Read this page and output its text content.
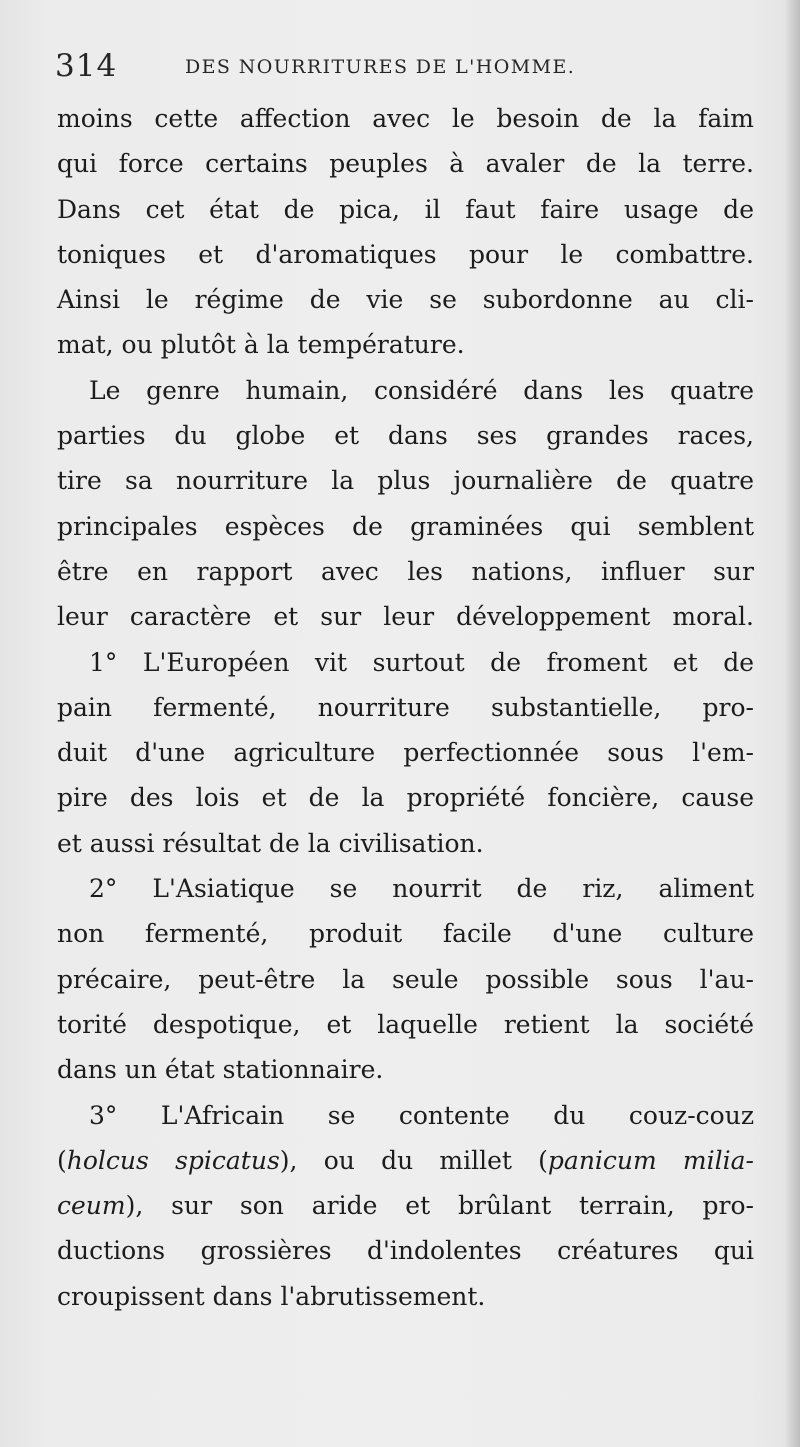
314	DES NOURRITURES DE L'HOMME.
moins cette affection avec le besoin de la faim
qui force certains peuples à avaler de la terre.
Dans cet état de pica, il faut faire usage de
toniques et d'aromatiques pour le combattre.
Ainsi le régime de vie se subordonne au cli-
mat, ou plutôt à la température.
Le genre humain, considéré dans les quatre
parties du globe et dans ses grandes races,
tire sa nourriture la plus journalière de quatre
principales espèces de graminées qui semblent
être en rapport avec les nations, influer sur
leur caractère et sur leur développement moral.
1° L'Européen vit surtout de froment et de
pain fermenté, nourriture substantielle, pro-
duit d'une agriculture perfectionnée sous l'em-
pire des lois et de la propriété foncière, cause
et aussi résultat de la civilisation.
2° L'Asiatique se nourrit de riz, aliment
non fermenté, produit facile d'une culture
précaire, peut-être la seule possible sous l'au-
torité despotique, et laquelle retient la société
dans un état stationnaire.
3° L'Africain se contente du couz-couz
(holcus spicatus), ou du millet (panicum milia-
ceum), sur son aride et brûlant terrain, pro-
ductions grossières d'indolentes créatures qui
croupissent dans l'abrutissement.
